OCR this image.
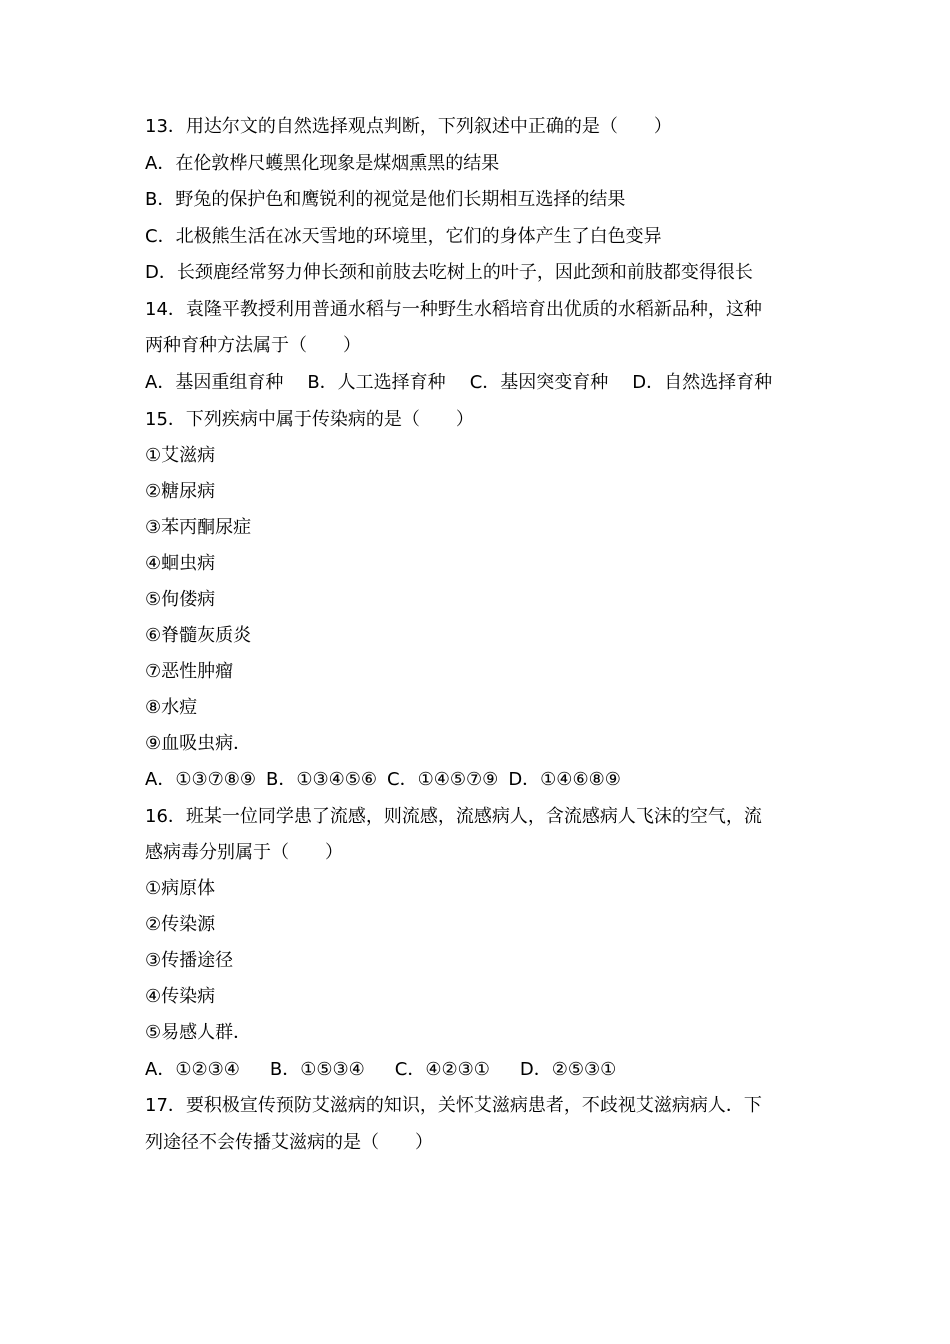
13．用达尔文的自然选择观点判断，下列叙述中正确的是（　　）
A．在伦敦桦尺蠖黑化现象是煤烟熏黑的结果
B．野兔的保护色和鹰锐利的视觉是他们长期相互选择的结果
C．北极熊生活在冰天雪地的环境里，它们的身体产生了白色变异
D．长颈鹿经常努力伸长颈和前肢去吃树上的叶子，因此颈和前肢都变得很长
14．袁隆平教授利用普通水稻与一种野生水稻培育出优质的水稻新品种，这种
两种育种方法属于（　　）
A．基因重组育种 B．人工选择育种 C．基因突变育种 D．自然选择育种
15．下列疾病中属于传染病的是（　　）
①艾滋病
②糖尿病
③苯丙酮尿症
④蛔虫病
⑤佝偻病
⑥脊髓灰质炎
⑦恶性肿瘤
⑧水痘
⑨血吸虫病．
A．①③⑦⑧⑨ B．①③④⑤⑥ C．①④⑤⑦⑨ D．①④⑥⑧⑨
16．班某一位同学患了流感，则流感，流感病人，含流感病人飞沫的空气，流
感病毒分别属于（　　）
①病原体
②传染源
③传播途径
④传染病
⑤易感人群．
A．①②③④ B．①⑤③④ C．④②③① D．②⑤③①
17．要积极宣传预防艾滋病的知识，关怀艾滋病患者，不歧视艾滋病病人．下
列途径不会传播艾滋病的是（　　）
